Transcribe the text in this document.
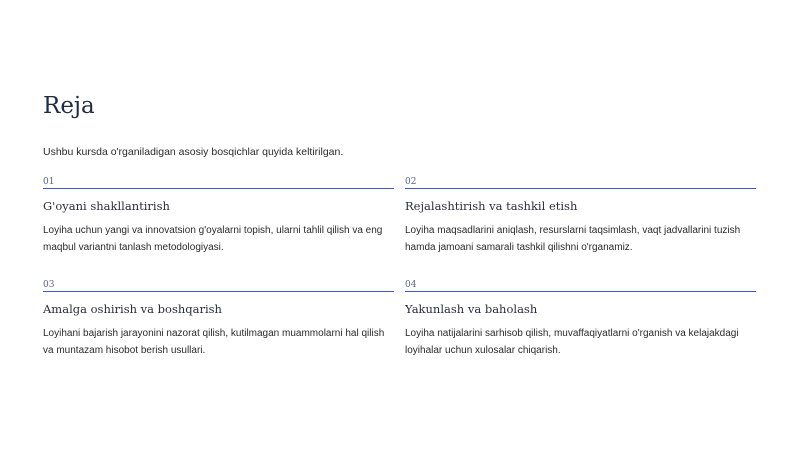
Reja

Ushbu kursda o'rganiladigan asosiy bosqichlar quyida keltirilgan.

01
G'oyani shakllantirish

Loyiha uchun yangi va innovatsion g'oyalarni topish, ularni tahlil qilish va eng maqbul variantni tanlash metodologiyasi.

02
Rejalashtirish va tashkil etish

Loyiha maqsadlarini aniqlash, resurslarni taqsimlash, vaqt jadvallarini tuzish hamda jamoani samarali tashkil qilishni o'rganamiz.

03
Amalga oshirish va boshqarish

Loyihani bajarish jarayonini nazorat qilish, kutilmagan muammolarni hal qilish va muntazam hisobot berish usullari.

04
Yakunlash va baholash

Loyiha natijalarini sarhisob qilish, muvaffaqiyatlarni o'rganish va kelajakdagi loyihalar uchun xulosalar chiqarish.
